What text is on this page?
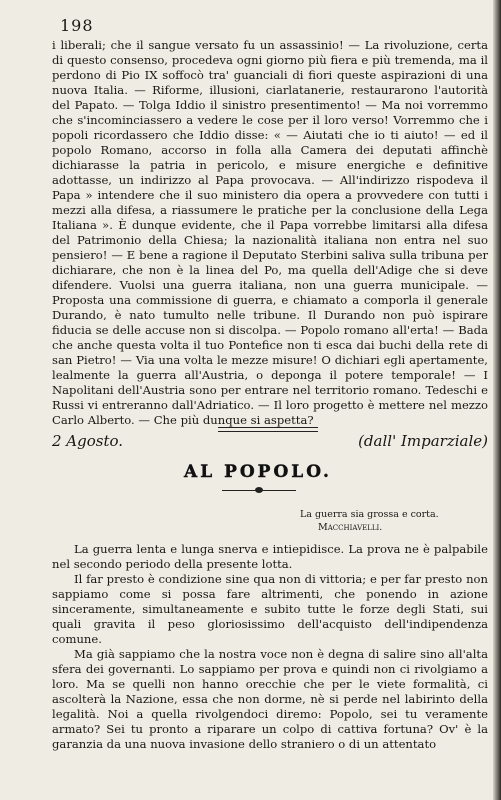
198

i liberali; che il sangue versato fu un assassinio! — La rivoluzione, certa di questo consenso, procedeva ogni giorno più fiera e più tremenda, ma il perdono di Pio IX soffocò tra' guanciali di fiori queste aspirazioni di una nuova Italia. — Riforme, illusioni, ciarlatanerie, restaurarono l'autorità del Papato. — Tolga Iddio il sinistro presentimento! — Ma noi vorremmo che s'incominciassero a vedere le cose per il loro verso! Vorremmo che i popoli ricordassero che Iddio disse: « — Aiutati che io ti aiuto! — ed il popolo Romano, accorso in folla alla Camera dei deputati affinchè dichiarasse la patria in pericolo, e misure energiche e definitive adottasse, un indirizzo al Papa provocava. — All'indirizzo rispodeva il Papa » intendere che il suo ministero dia opera a provvedere con tutti i mezzi alla difesa, a riassumere le pratiche per la conclusione della Lega Italiana ». È dunque evidente, che il Papa vorrebbe limitarsi alla difesa del Patrimonio della Chiesa; la nazionalità italiana non entra nel suo pensiero! — E bene a ragione il Deputato Sterbini saliva sulla tribuna per dichiarare, che non è la linea del Po, ma quella dell'Adige che si deve difendere. Vuolsi una guerra italiana, non una guerra municipale. — Proposta una commissione di guerra, e chiamato a comporla il generale Durando, è nato tumulto nelle tribune. Il Durando non può ispirare fiducia se delle accuse non si discolpa. — Popolo romano all'erta! — Bada che anche questa volta il tuo Pontefice non ti esca dai buchi della rete di san Pietro! — Via una volta le mezze misure! O dichiari egli apertamente, lealmente la guerra all'Austria, o deponga il potere temporale! — I Napolitani dell'Austria sono per entrare nel territorio romano. Tedeschi e Russi vi entreranno dall'Adriatico. — Il loro progetto è mettere nel mezzo Carlo Alberto. — Che più dunque si aspetta?

2 Agosto.	(dall' Imparziale)
AL POPOLO.
La guerra sia grossa e corta.
Macchiavelli.

La guerra lenta e lunga snerva e intiepidisce. La prova ne è palpabile nel secondo periodo della presente lotta.

Il far presto è condizione sine qua non di vittoria; e per far presto non sappiamo come si possa fare altrimenti, che ponendo in azione sinceramente, simultaneamente e subito tutte le forze degli Stati, sui quali gravita il peso gloriosissimo dell'acquisto dell'indipendenza comune.

Ma già sappiamo che la nostra voce non è degna di salire sino all'alta sfera dei governanti. Lo sappiamo per prova e quindi non ci rivolgiamo a loro. Ma se quelli non hanno orecchie che per le viete formalità, ci ascolterà la Nazione, essa che non dorme, nè si perde nel labirinto della legalità. Noi a quella rivolgendoci diremo: Popolo, sei tu veramente armato? Sei tu pronto a riparare un colpo di cattiva fortuna? Ov' è la garanzia da una nuova invasione dello straniero o di un attentato
